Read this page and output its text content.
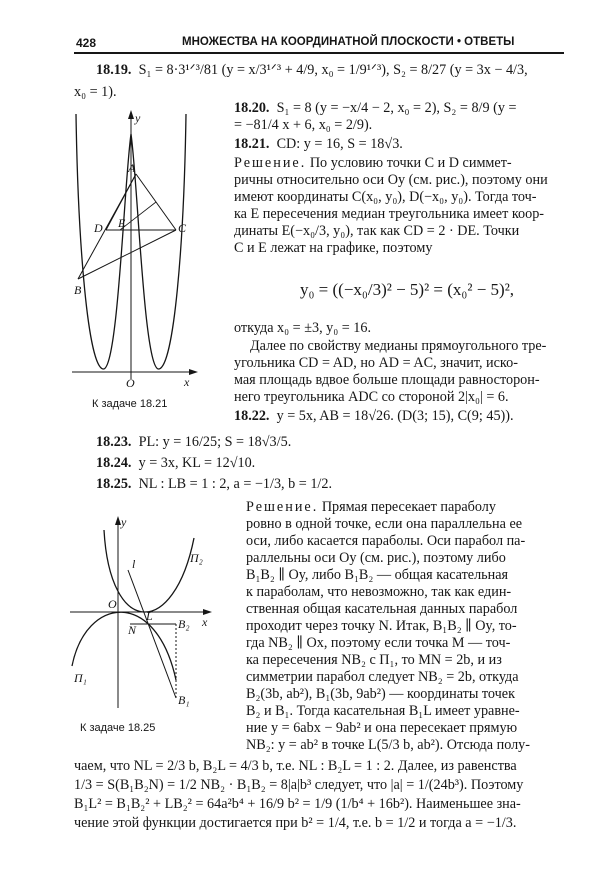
428	МНОЖЕСТВА НА КООРДИНАТНОЙ ПЛОСКОСТИ • ОТВЕТЫ
18.19. S₁ = 8·3¹ᐟ³/81 (y = x/3¹ᐟ³ + 4/9, x₀ = 1/9¹ᐟ³), S₂ = 8/27 (y = 3x − 4/3,
x₀ = 1).
18.20. S₁ = 8 (y = −x/4 − 2, x₀ = 2), S₂ = 8/9 (y =
= −81/4 x + 6, x₀ = 2/9).
18.21. CD: y = 16, S = 18√3.
Решение. По условию точки C и D симмет-
ричны относительно оси Oy (см. рис.), поэтому они
имеют координаты C(x₀, y₀), D(−x₀, y₀). Тогда точ-
ка E пересечения медиан треугольника имеет коор-
динаты E(−x₀/3, y₀), так как CD = 2 · DE. Точки
C и E лежат на графике, поэтому
y₀ = ((−x₀/3)² − 5)² = (x₀² − 5)²,
откуда x₀ = ±3, y₀ = 16.
Далее по свойству медианы прямоугольного тре-
угольника CD = AD, но AD = AC, значит, иско-
мая площадь вдвое больше площади равносторон-
него треугольника ADC со стороной 2|x₀| = 6.
18.22. y = 5x, AB = 18√26. (D(3; 15), C(9; 45)).
y
x
O
A
B
C
D E
К задаче 18.21
18.23. PL: y = 16/25; S = 18√3/5.
18.24. y = 3x, KL = 12√10.
18.25. NL : LB = 1 : 2, a = −1/3, b = 1/2.
Решение. Прямая пересекает параболу
ровно в одной точке, если она параллельна ее
оси, либо касается параболы. Оси парабол па-
раллельны оси Oy (см. рис.), поэтому либо
B₁B₂ ∥ Oy, либо B₁B₂ — общая касательная
к параболам, что невозможно, так как един-
ственная общая касательная данных парабол
проходит через точку N. Итак, B₁B₂ ∥ Oy, то-
гда NB₂ ∥ Ox, поэтому если точка M — точ-
ка пересечения NB₂ с Π₁, то MN = 2b, и из
симметрии парабол следует NB₂ = 2b, откуда
B₂(3b, ab²), B₁(3b, 9ab²) — координаты точек
B₂ и B₁. Тогда касательная B₁L имеет уравне-
ние y = 6abx − 9ab² и она пересекает прямую
NB₂: y = ab² в точке L(5/3 b, ab²). Отсюда полу-
чаем, что NL = 2/3 b, B₂L = 4/3 b, т.е. NL : B₂L = 1 : 2. Далее, из равенства
1/3 = S(B₁B₂N) = 1/2 NB₂ · B₁B₂ = 8|a|b³ следует, что |a| = 1/(24b³). Поэтому
B₁L² = B₁B₂² + LB₂² = 64a²b⁴ + 16/9 b² = 1/9 (1/b⁴ + 16b²). Наименьшее зна-
чение этой функции достигается при b² = 1/4, т.е. b = 1/2 и тогда a = −1/3.
y
x
O
l
N
L
B₂
B₁
Π₁
Π₂
К задаче 18.25
